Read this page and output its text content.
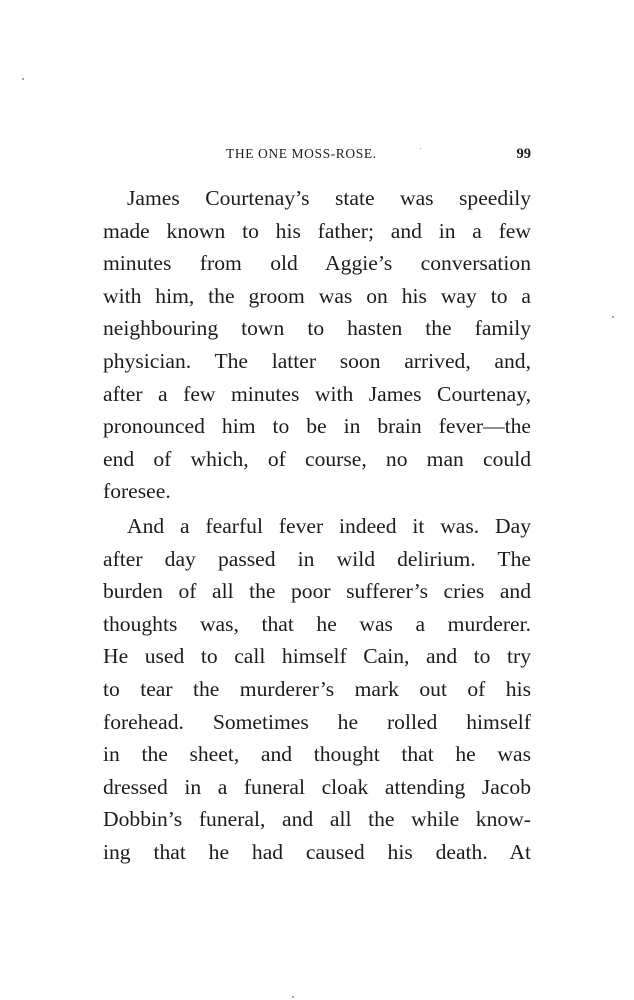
THE ONE MOSS-ROSE.	99
James Courtenay’s state was speedily
made known to his father; and in a few
minutes from old Aggie’s conversation
with him, the groom was on his way to a
neighbouring town to hasten the family
physician. The latter soon arrived, and,
after a few minutes with James Courtenay,
pronounced him to be in brain fever—the
end of which, of course, no man could
foresee.
And a fearful fever indeed it was. Day
after day passed in wild delirium. The
burden of all the poor sufferer’s cries and
thoughts was, that he was a murderer.
He used to call himself Cain, and to try
to tear the murderer’s mark out of his
forehead. Sometimes he rolled himself
in the sheet, and thought that he was
dressed in a funeral cloak attending Jacob
Dobbin’s funeral, and all the while know-
ing that he had caused his death. At
